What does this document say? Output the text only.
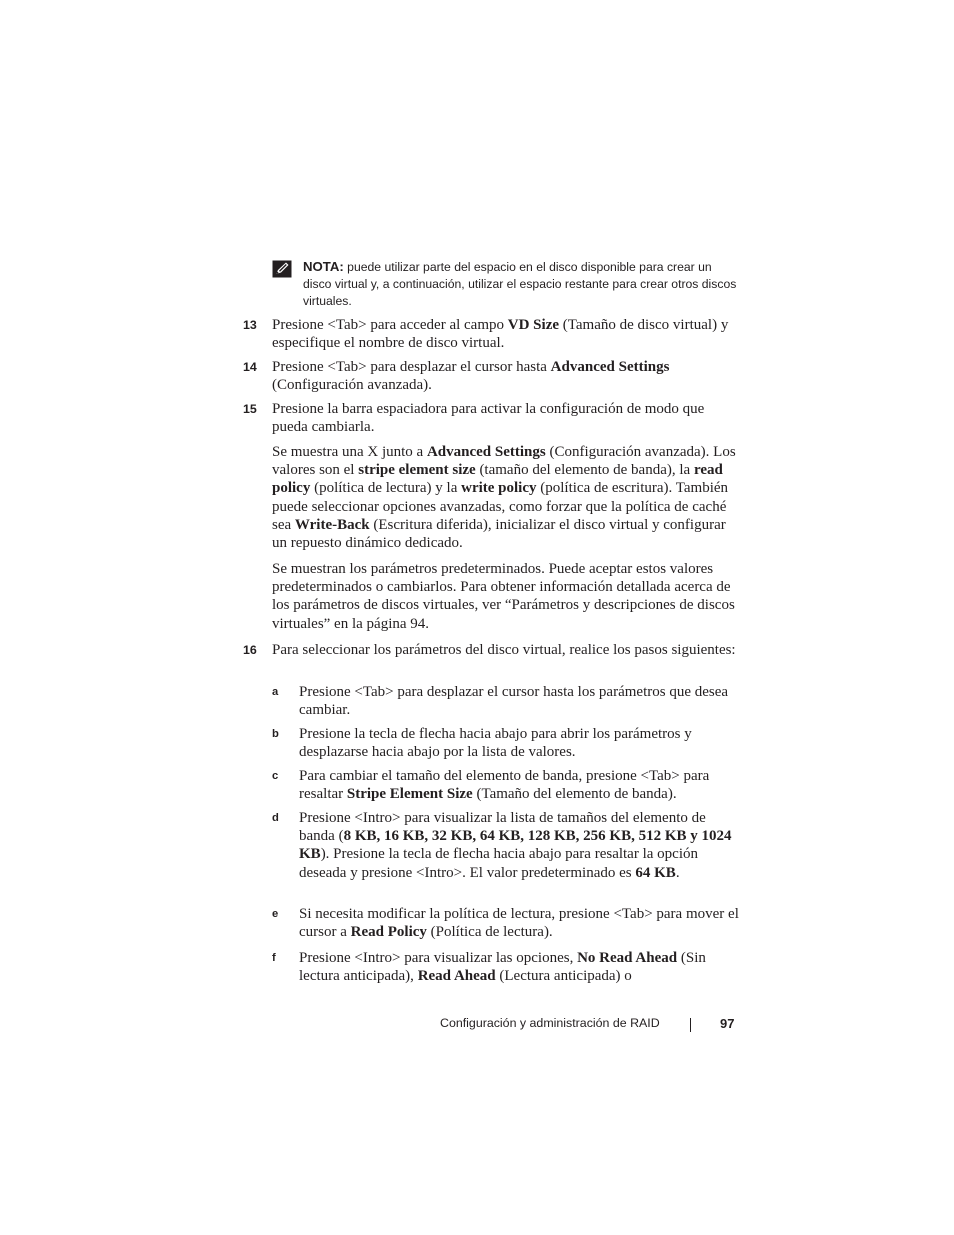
NOTA: puede utilizar parte del espacio en el disco disponible para crear un disco virtual y, a continuación, utilizar el espacio restante para crear otros discos virtuales.
13 Presione <Tab> para acceder al campo VD Size (Tamaño de disco virtual) y especifique el nombre de disco virtual.
14 Presione <Tab> para desplazar el cursor hasta Advanced Settings (Configuración avanzada).
15 Presione la barra espaciadora para activar la configuración de modo que pueda cambiarla.
Se muestra una X junto a Advanced Settings (Configuración avanzada). Los valores son el stripe element size (tamaño del elemento de banda), la read policy (política de lectura) y la write policy (política de escritura). También puede seleccionar opciones avanzadas, como forzar que la política de caché sea Write-Back (Escritura diferida), inicializar el disco virtual y configurar un repuesto dinámico dedicado.
Se muestran los parámetros predeterminados. Puede aceptar estos valores predeterminados o cambiarlos. Para obtener información detallada acerca de los parámetros de discos virtuales, ver “Parámetros y descripciones de discos virtuales” en la página 94.
16 Para seleccionar los parámetros del disco virtual, realice los pasos siguientes:
a Presione <Tab> para desplazar el cursor hasta los parámetros que desea cambiar.
b Presione la tecla de flecha hacia abajo para abrir los parámetros y desplazarse hacia abajo por la lista de valores.
c Para cambiar el tamaño del elemento de banda, presione <Tab> para resaltar Stripe Element Size (Tamaño del elemento de banda).
d Presione <Intro> para visualizar la lista de tamaños del elemento de banda (8 KB, 16 KB, 32 KB, 64 KB, 128 KB, 256 KB, 512 KB y 1024 KB). Presione la tecla de flecha hacia abajo para resaltar la opción deseada y presione <Intro>. El valor predeterminado es 64 KB.
e Si necesita modificar la política de lectura, presione <Tab> para mover el cursor a Read Policy (Política de lectura).
f Presione <Intro> para visualizar las opciones, No Read Ahead (Sin lectura anticipada), Read Ahead (Lectura anticipada) o
Configuración y administración de RAID	97
